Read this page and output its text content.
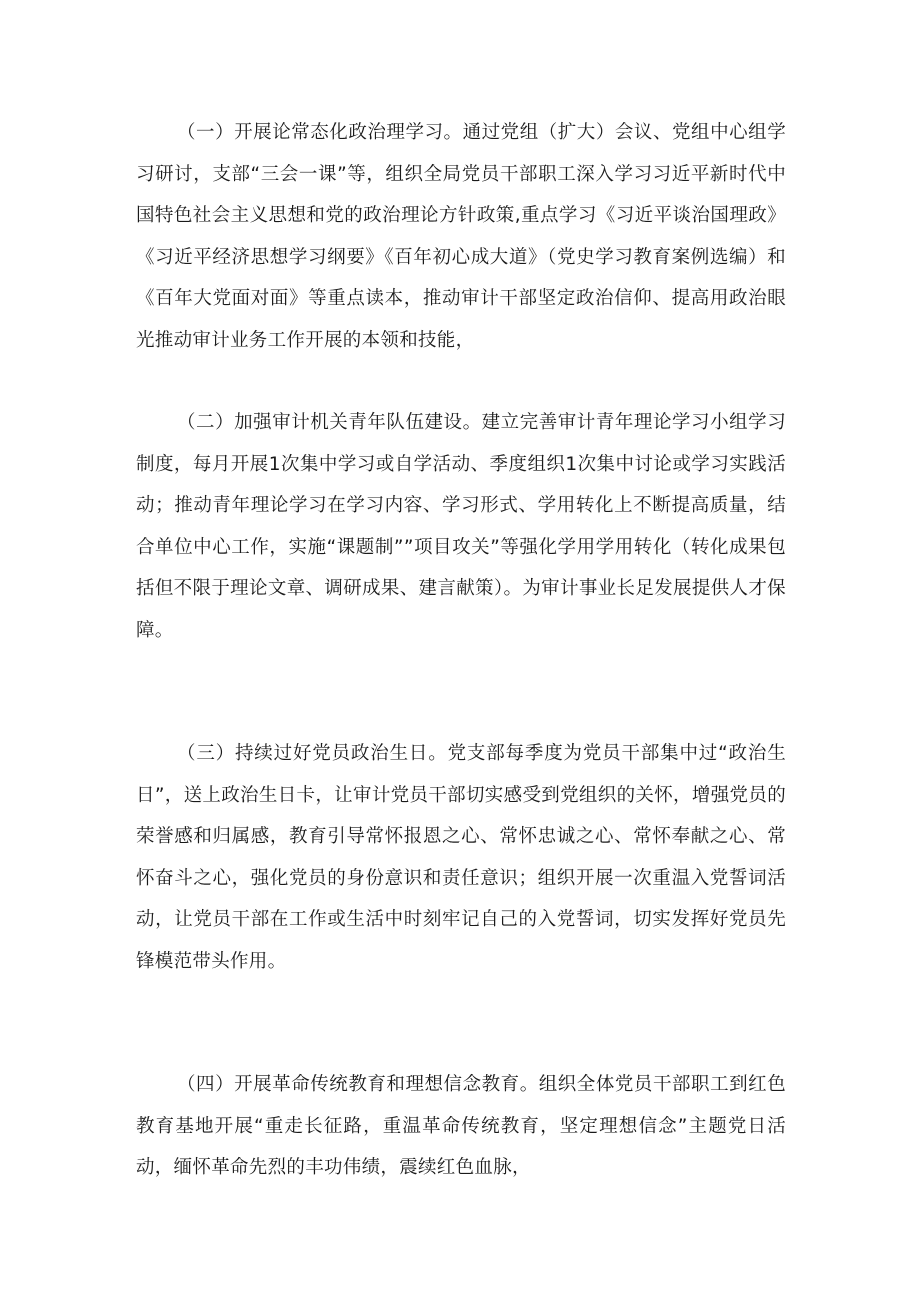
（一）开展论常态化政治理学习。通过党组（扩大）会议、党组中心组学习研讨，支部“三会一课”等，组织全局党员干部职工深入学习习近平新时代中国特色社会主义思想和党的政治理论方针政策,重点学习《习近平谈治国理政》《习近平经济思想学习纲要》《百年初心成大道》（党史学习教育案例选编）和《百年大党面对面》等重点读本，推动审计干部坚定政治信仰、提高用政治眼光推动审计业务工作开展的本领和技能，

（二）加强审计机关青年队伍建设。建立完善审计青年理论学习小组学习制度，每月开展1次集中学习或自学活动、季度组织1次集中讨论或学习实践活动；推动青年理论学习在学习内容、学习形式、学用转化上不断提高质量，结合单位中心工作，实施“课题制””项目攻关”等强化学用学用转化（转化成果包括但不限于理论文章、调研成果、建言献策）。为审计事业长足发展提供人才保障。

（三）持续过好党员政治生日。党支部每季度为党员干部集中过“政治生日”，送上政治生日卡，让审计党员干部切实感受到党组织的关怀，增强党员的荣誉感和归属感，教育引导常怀报恩之心、常怀忠诚之心、常怀奉献之心、常怀奋斗之心，强化党员的身份意识和责任意识；组织开展一次重温入党誓词活动，让党员干部在工作或生活中时刻牢记自己的入党誓词，切实发挥好党员先锋模范带头作用。

（四）开展革命传统教育和理想信念教育。组织全体党员干部职工到红色教育基地开展“重走长征路，重温革命传统教育，坚定理想信念”主题党日活动，缅怀革命先烈的丰功伟绩，震续红色血脉，
